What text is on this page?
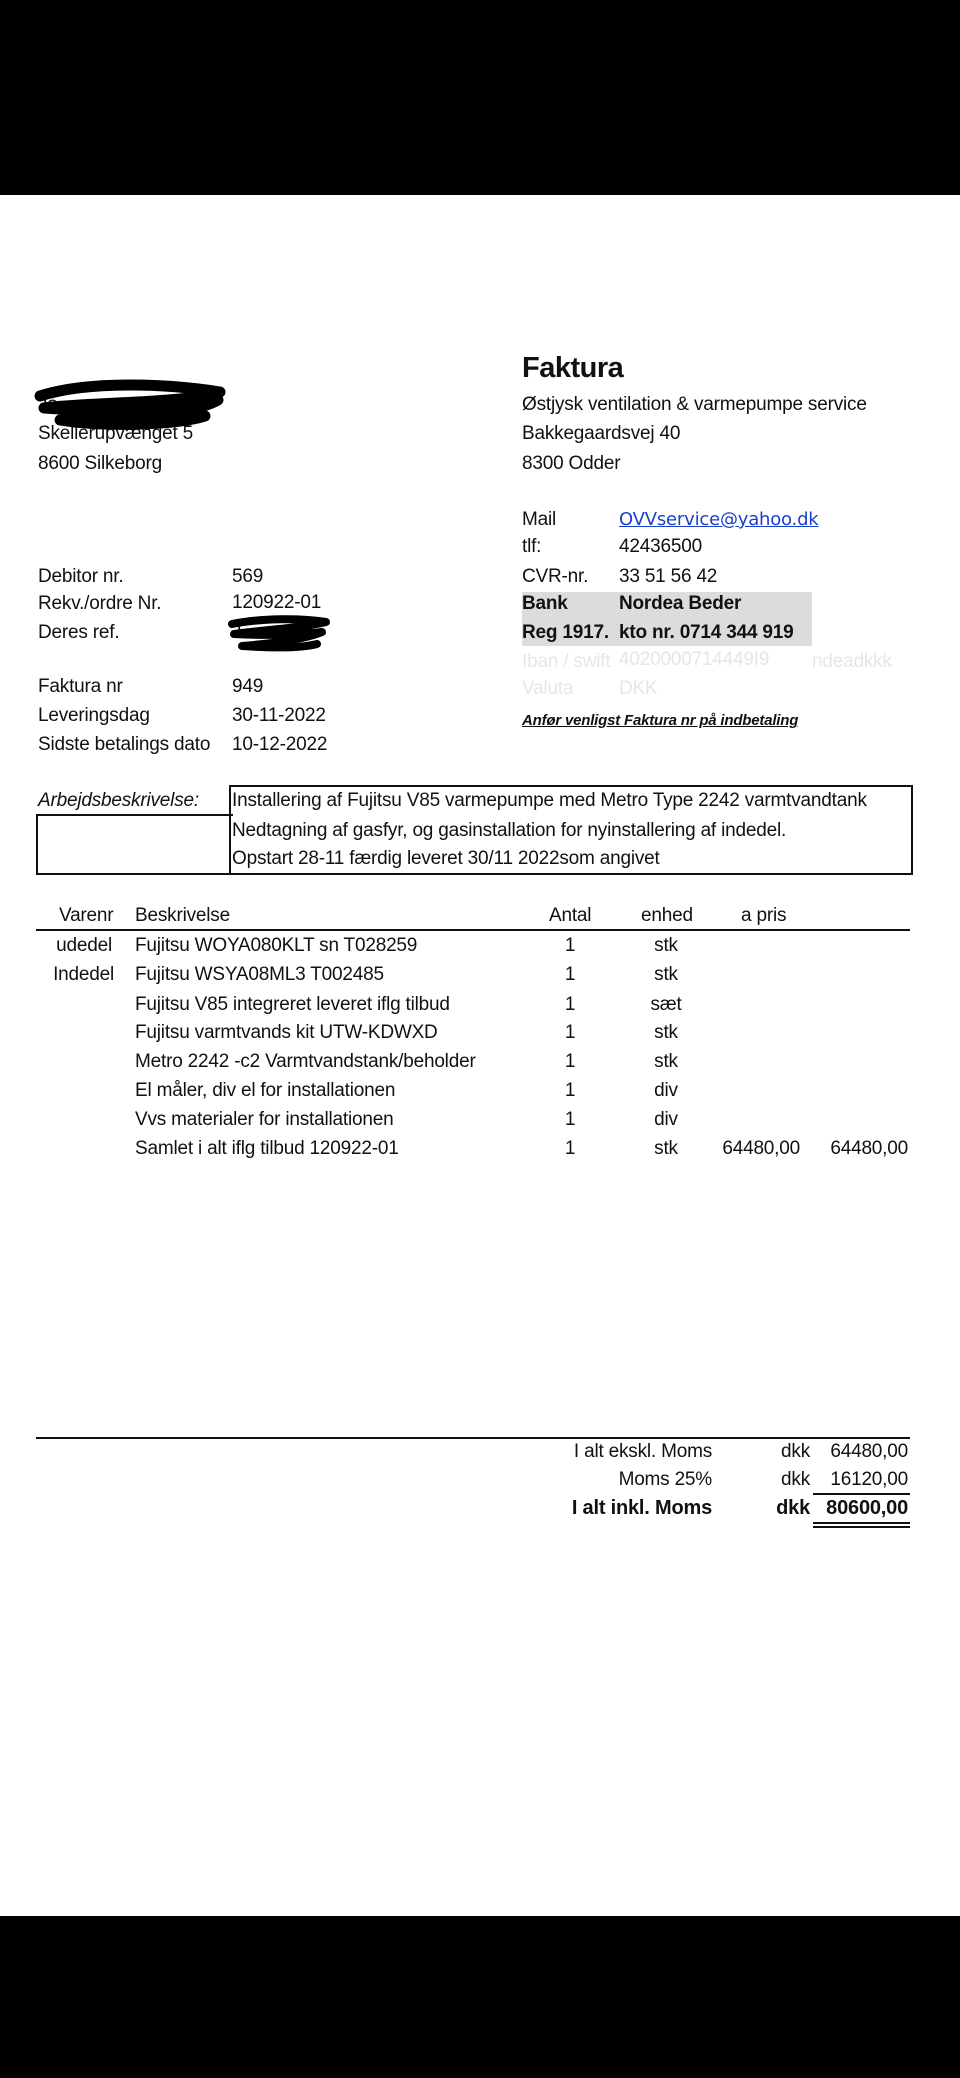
Faktura
Jo
Skellerupvænget 5
8600 Silkeborg
Østjysk ventilation & varmepumpe service
Bakkegaardsvej 40
8300 Odder
Mail	OVVservice@yahoo.dk
tlf:	42436500
CVR-nr. 33 51 56 42
Bank	Nordea Beder
Reg 1917. kto nr. 0714 344 919
Iban / swift 4020000714449I9 ndeadkkk
Valuta DKK
Anfør venligst Faktura nr på indbetaling
Debitor nr.	569
Rekv./ordre Nr.	120922-01
Deres ref.	J
Faktura nr	949
Leveringsdag	30-11-2022
Sidste betalings dato 10-12-2022
Arbejdsbeskrivelse: Installering af Fujitsu V85 varmepumpe med Metro Type 2242 varmtvandtank
Nedtagning af gasfyr, og gasinstallation for nyinstallering af indedel.
Opstart 28-11 færdig leveret 30/11 2022som angivet
Varenr Beskrivelse	Antal	enhed	a pris
udedel Fujitsu WOYA080KLT sn T028259	1	stk
Indedel Fujitsu WSYA08ML3 T002485	1	stk
Fujitsu V85 integreret leveret iflg tilbud	1	sæt
Fujitsu varmtvands kit UTW-KDWXD	1	stk
Metro 2242 -c2 Varmtvandstank/beholder	1	stk
El måler, div el for installationen	1	div
Vvs materialer for installationen	1	div
Samlet i alt iflg tilbud 120922-01	1	stk	64480,00	64480,00
I alt ekskl. Moms	dkk	64480,00
Moms 25%	dkk	16120,00
I alt inkl. Moms	dkk 80600,00
